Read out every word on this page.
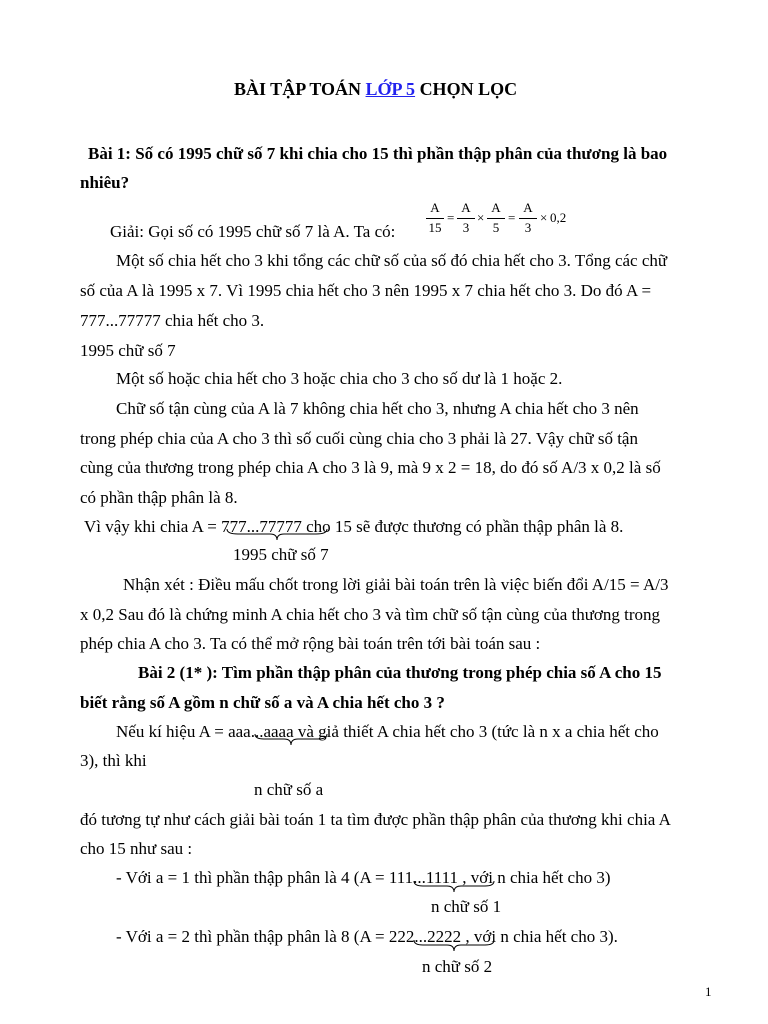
BÀI TẬP TOÁN LỚP 5 CHỌN LỌC
Bài 1: Số có 1995 chữ số 7 khi chia cho 15 thì phần thập phân của thương là bao
nhiêu?
Giải: Gọi số có 1995 chữ số 7 là A. Ta có:
A
15
=
A
3
×
A
5
=
A
3
× 0,2
Một số chia hết cho 3 khi tổng các chữ số của số đó chia hết cho 3. Tổng các chữ
số của A là 1995 x 7. Vì 1995 chia hết cho 3 nên 1995 x 7 chia hết cho 3. Do đó A =
777...77777 chia hết cho 3.
1995 chữ số 7
Một số hoặc chia hết cho 3 hoặc chia cho 3 cho số dư là 1 hoặc 2.
Chữ số tận cùng của A là 7 không chia hết cho 3, nhưng A chia hết cho 3 nên
trong phép chia của A cho 3 thì số cuối cùng chia cho 3 phải là 27. Vậy chữ số tận
cùng của thương trong phép chia A cho 3 là 9, mà 9 x 2 = 18, do đó số A/3 x 0,2 là số
có phần thập phân là 8.
Vì vậy khi chia A = 777...77777 cho 15 sẽ được thương có phần thập phân là 8.
1995 chữ số 7
Nhận xét : Điều mấu chốt trong lời giải bài toán trên là việc biến đổi A/15 = A/3
x 0,2 Sau đó là chứng minh A chia hết cho 3 và tìm chữ số tận cùng của thương trong
phép chia A cho 3. Ta có thể mở rộng bài toán trên tới bài toán sau :
Bài 2 (1* ): Tìm phần thập phân của thương trong phép chia số A cho 15
biết rằng số A gồm n chữ số a và A chia hết cho 3 ?
Nếu kí hiệu A = aaa...aaaa và giả thiết A chia hết cho 3 (tức là n x a chia hết cho
3), thì khi
n chữ số a
đó tương tự như cách giải bài toán 1 ta tìm được phần thập phân của thương khi chia A
cho 15 như sau :
- Với a = 1 thì phần thập phân là 4 (A = 111...1111 , với n chia hết cho 3)
n chữ số 1
- Với a = 2 thì phần thập phân là 8 (A = 222...2222 , với n chia hết cho 3).
n chữ số 2
1
